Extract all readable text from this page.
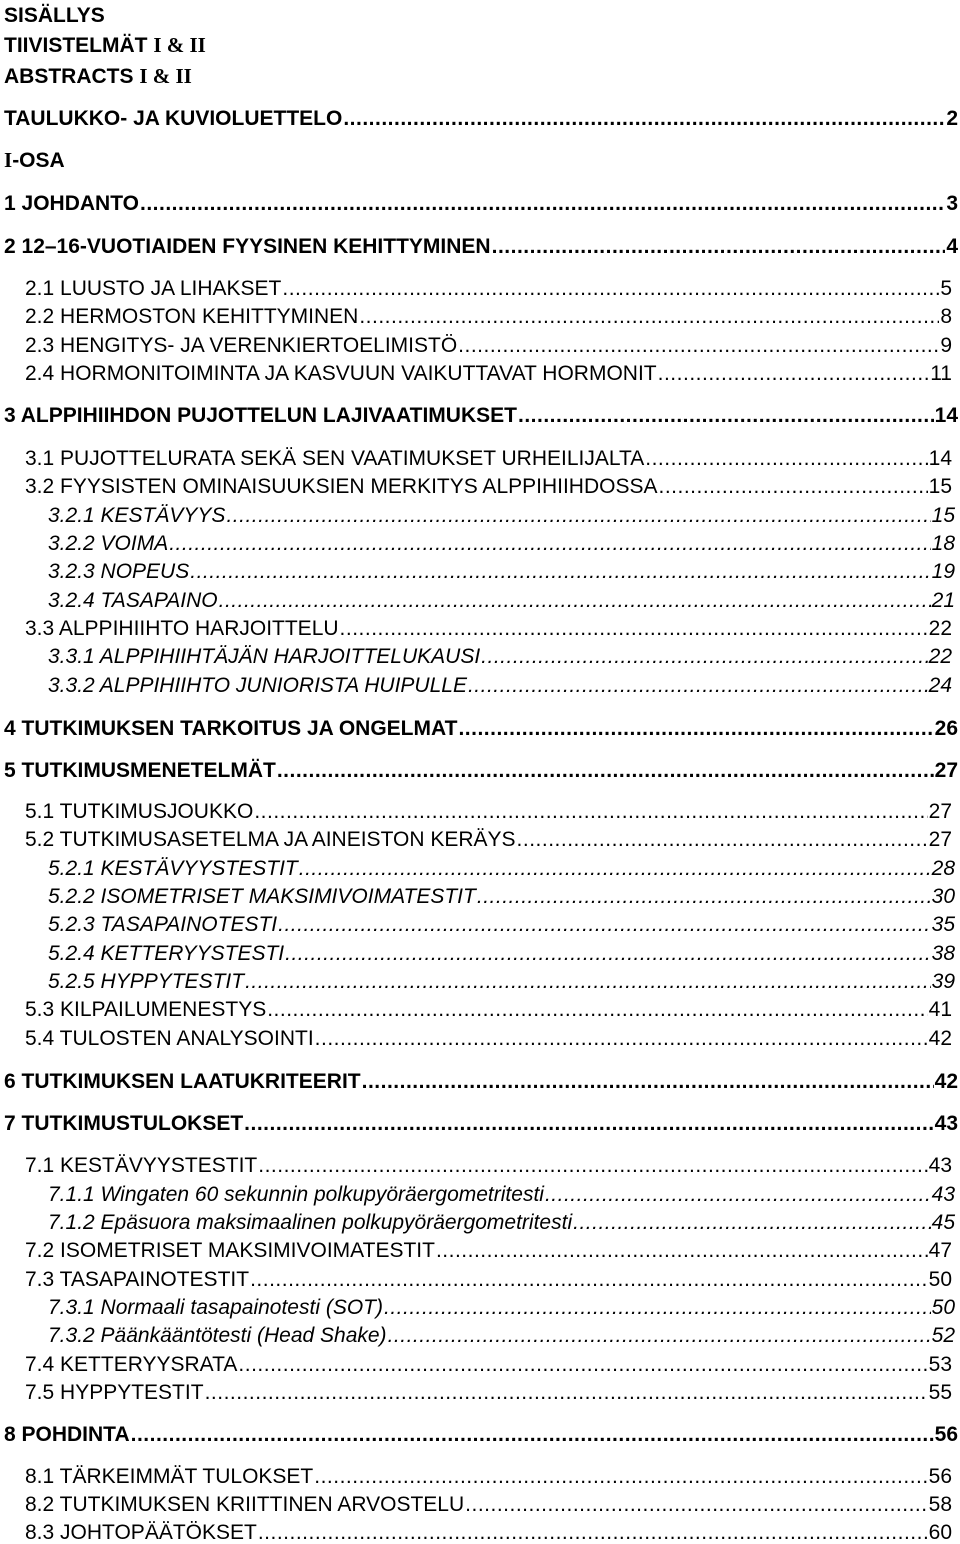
SISÄLLYS
TIIVISTELMÄT I & II
ABSTRACTS I & II
I-OSA
TAULUKKO- JA KUVIOLUETTELO .....	2
1 JOHDANTO .....	3
2 12–16-VUOTIAIDEN FYYSINEN KEHITTYMINEN .....	4
2.1 LUUSTO JA LIHAKSET .....	5
2.2 HERMOSTON KEHITTYMINEN .....	8
2.3 HENGITYS- JA VERENKIERTOELIMISTÖ .....	9
2.4 HORMONITOIMINTA JA KASVUUN VAIKUTTAVAT HORMONIT .....	11
3 ALPPIHIIHDON PUJOTTELUN LAJIVAATIMUKSET .....	14
3.1 PUJOTTELURATA SEKÄ SEN VAATIMUKSET URHEILIJALTA .....	14
3.2 FYYSISTEN OMINAISUUKSIEN MERKITYS ALPPIHIIHDOSSA .....	15
3.2.1 KESTÄVYYS .....	15
3.2.2 VOIMA .....	18
3.2.3 NOPEUS .....	19
3.2.4 TASAPAINO .....	21
3.3 ALPPIHIIHTO HARJOITTELU .....	22
3.3.1 ALPPIHIIHTÄJÄN HARJOITTELUKAUSI .....	22
3.3.2 ALPPIHIIHTO JUNIORISTA HUIPULLE .....	24
4 TUTKIMUKSEN TARKOITUS JA ONGELMAT .....	26
5 TUTKIMUSMENETELMÄT .....	27
5.1 TUTKIMUSJOUKKO .....	27
5.2 TUTKIMUSASETELMA JA AINEISTON KERÄYS .....	27
5.2.1 KESTÄVYYSTESTIT .....	28
5.2.2 ISOMETRISET MAKSIMIVOIMATESTIT .....	30
5.2.3 TASAPAINOTESTI .....	35
5.2.4 KETTERYYSTESTI .....	38
5.2.5 HYPPYTESTIT .....	39
5.3 KILPAILUMENESTYS .....	41
5.4 TULOSTEN ANALYSOINTI .....	42
6 TUTKIMUKSEN LAATUKRITEERIT .....	42
7 TUTKIMUSTULOKSET .....	43
7.1 KESTÄVYYSTESTIT .....	43
7.1.1 Wingaten 60 sekunnin polkupyöräergometritesti .....	43
7.1.2 Epäsuora maksimaalinen polkupyöräergometritesti .....	45
7.2 ISOMETRISET MAKSIMIVOIMATESTIT .....	47
7.3 TASAPAINOTESTIT .....	50
7.3.1 Normaali tasapainotesti (SOT) .....	50
7.3.2 Päänkääntötesti (Head Shake) .....	52
7.4 KETTERYYSRATA .....	53
7.5 HYPPYTESTIT .....	55
8 POHDINTA .....	56
8.1 TÄRKEIMMÄT TULOKSET .....	56
8.2 TUTKIMUKSEN KRIITTINEN ARVOSTELU .....	58
8.3 JOHTOPÄÄTÖKSET .....	60
